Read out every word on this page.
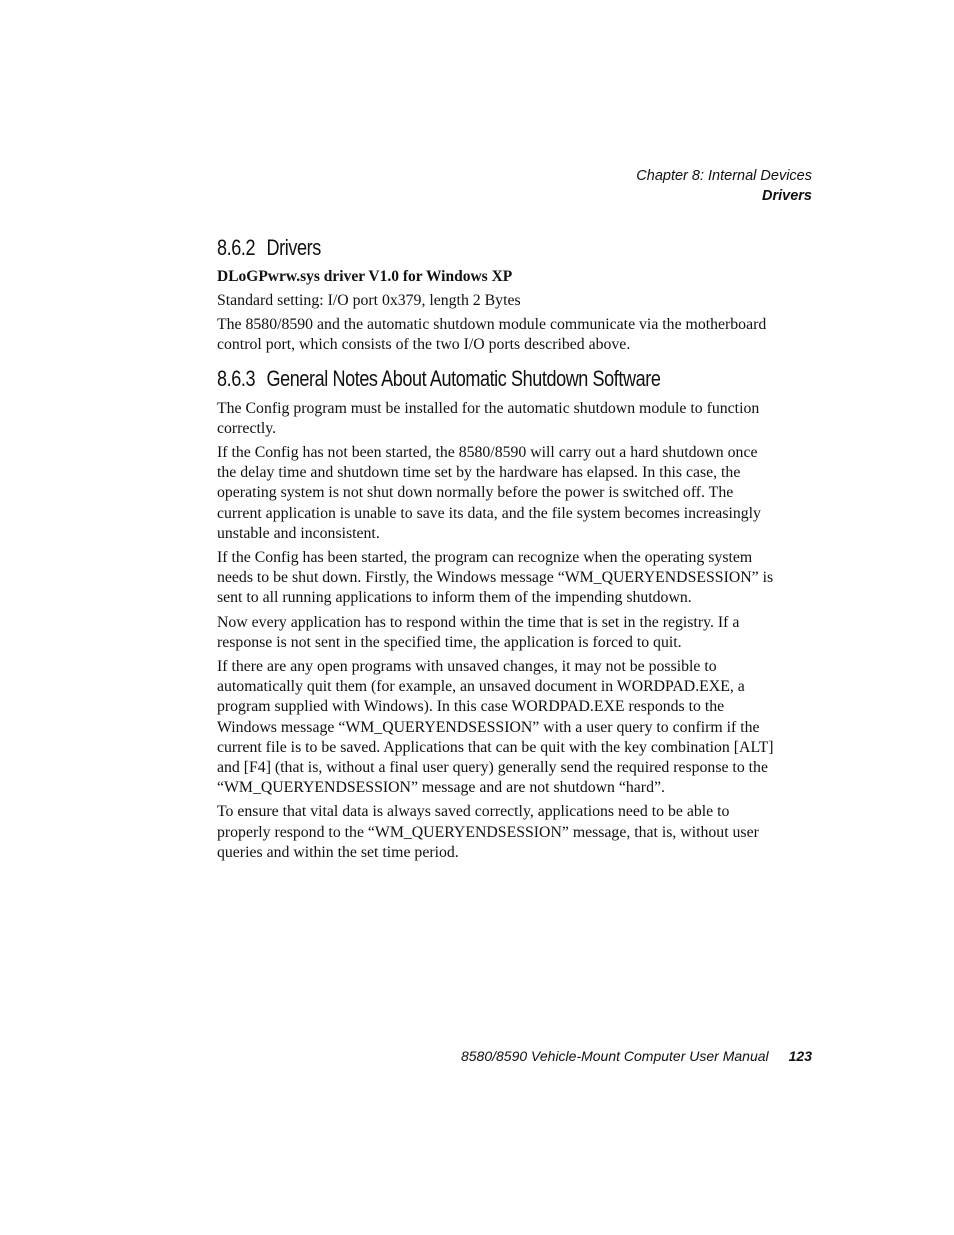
Chapter 8: Internal Devices
Drivers
8.6.2 Drivers
DLoGPwrw.sys driver V1.0 for Windows XP

Standard setting: I/O port 0x379, length 2 Bytes

The 8580/8590 and the automatic shutdown module communicate via the motherboard control port, which consists of the two I/O ports described above.

8.6.3 General Notes About Automatic Shutdown Software

The Config program must be installed for the automatic shutdown module to function correctly.

If the Config has not been started, the 8580/8590 will carry out a hard shutdown once the delay time and shutdown time set by the hardware has elapsed. In this case, the operating system is not shut down normally before the power is switched off. The current application is unable to save its data, and the file system becomes increasingly unstable and inconsistent.

If the Config has been started, the program can recognize when the operating system needs to be shut down. Firstly, the Windows message “WM_QUERYENDSESSION” is sent to all running applications to inform them of the impending shutdown.

Now every application has to respond within the time that is set in the registry. If a response is not sent in the specified time, the application is forced to quit.

If there are any open programs with unsaved changes, it may not be possible to automatically quit them (for example, an unsaved document in WORDPAD.EXE, a program supplied with Windows). In this case WORDPAD.EXE responds to the Windows message “WM_QUERYENDSESSION” with a user query to confirm if the current file is to be saved. Applications that can be quit with the key combination [ALT] and [F4] (that is, without a final user query) generally send the required response to the “WM_QUERYENDSESSION” message and are not shutdown “hard”.

To ensure that vital data is always saved correctly, applications need to be able to properly respond to the “WM_QUERYENDSESSION” message, that is, without user queries and within the set time period.

8580/8590 Vehicle-Mount Computer User Manual 123
